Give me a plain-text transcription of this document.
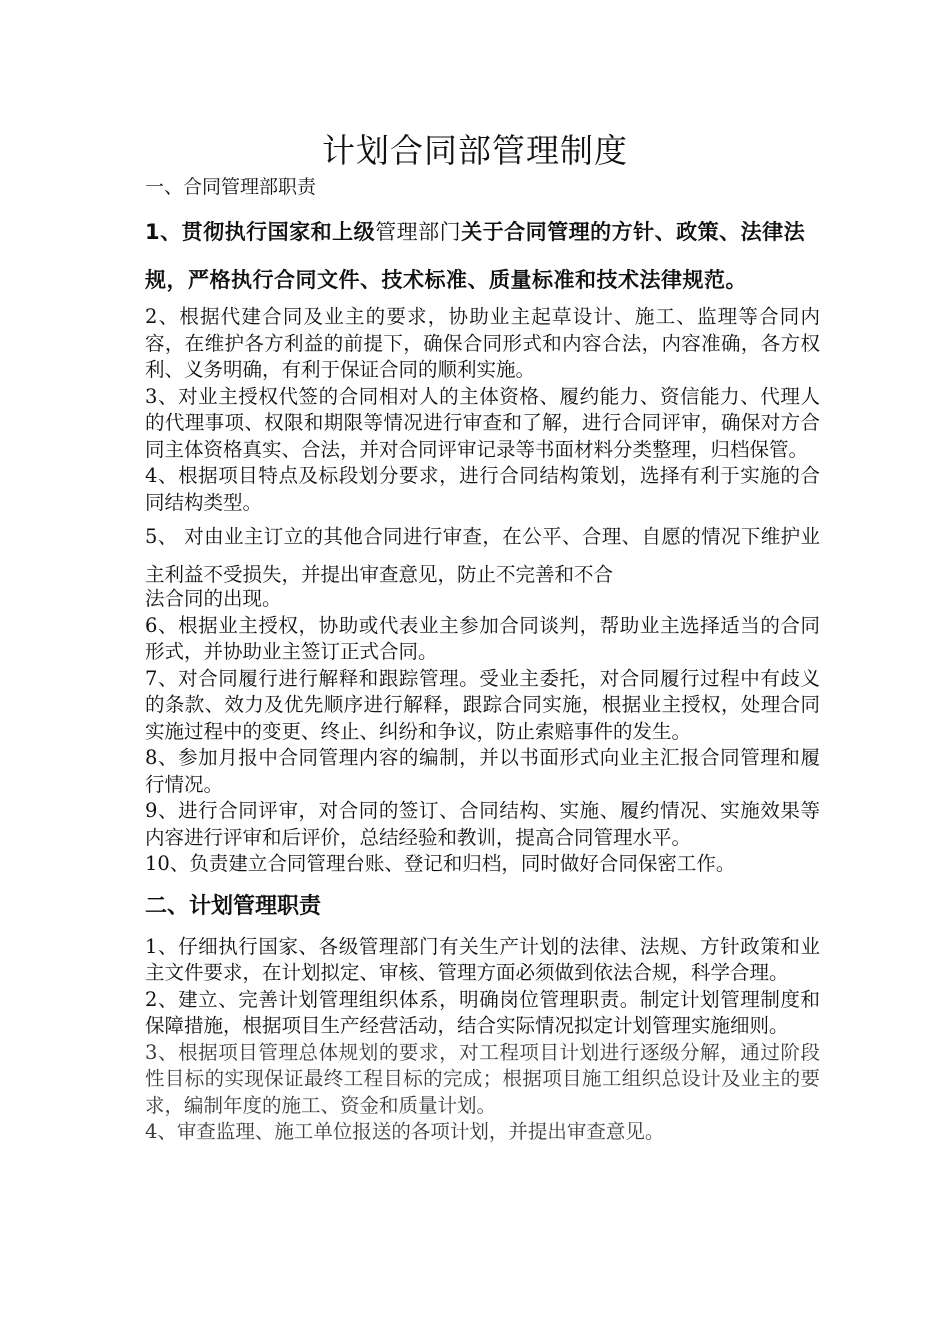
计划合同部管理制度

一、合同管理部职责

1、贯彻执行国家和上级管理部门关于合同管理的方针、政策、法律法规，严格执行合同文件、技术标准、质量标准和技术法律规范。

2、根据代建合同及业主的要求，协助业主起草设计、施工、监理等合同内容，在维护各方利益的前提下，确保合同形式和内容合法，内容准确，各方权利、义务明确，有利于保证合同的顺利实施。

3、对业主授权代签的合同相对人的主体资格、履约能力、资信能力、代理人的代理事项、权限和期限等情况进行审查和了解，进行合同评审，确保对方合同主体资格真实、合法，并对合同评审记录等书面材料分类整理，归档保管。

4、根据项目特点及标段划分要求，进行合同结构策划，选择有利于实施的合同结构类型。

5、 对由业主订立的其他合同进行审查，在公平、合理、自愿的情况下维护业主利益不受损失，并提出审查意见，防止不完善和不合

法合同的出现。

6、根据业主授权，协助或代表业主参加合同谈判，帮助业主选择适当的合同形式，并协助业主签订正式合同。

7、对合同履行进行解释和跟踪管理。受业主委托，对合同履行过程中有歧义的条款、效力及优先顺序进行解释，跟踪合同实施，根据业主授权，处理合同实施过程中的变更、终止、纠纷和争议，防止索赔事件的发生。

8、参加月报中合同管理内容的编制，并以书面形式向业主汇报合同管理和履行情况。

9、进行合同评审，对合同的签订、合同结构、实施、履约情况、实施效果等内容进行评审和后评价，总结经验和教训，提高合同管理水平。

10、负责建立合同管理台账、登记和归档，同时做好合同保密工作。

二、计划管理职责

1、仔细执行国家、各级管理部门有关生产计划的法律、法规、方针政策和业主文件要求，在计划拟定、审核、管理方面必须做到依法合规，科学合理。

2、建立、完善计划管理组织体系，明确岗位管理职责。制定计划管理制度和保障措施，根据项目生产经营活动，结合实际情况拟定计划管理实施细则。

3、根据项目管理总体规划的要求，对工程项目计划进行逐级分解，通过阶段性目标的实现保证最终工程目标的完成；根据项目施工组织总设计及业主的要求，编制年度的施工、资金和质量计划。

4、审查监理、施工单位报送的各项计划，并提出审查意见。
